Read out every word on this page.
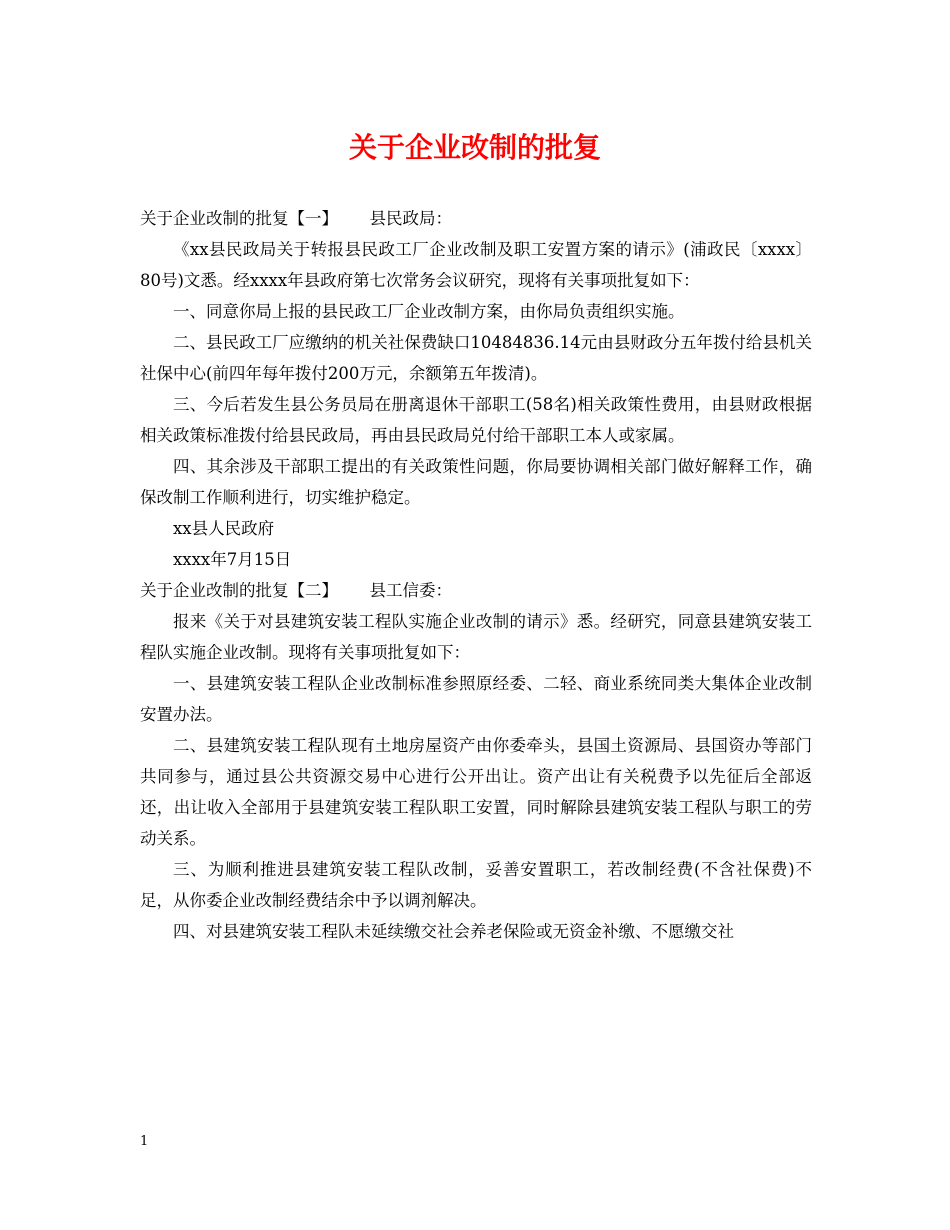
关于企业改制的批复

关于企业改制的批复【一】      县民政局：

《xx县民政局关于转报县民政工厂企业改制及职工安置方案的请示》(浦政民〔xxxx〕80号)文悉。经xxxx年县政府第七次常务会议研究，现将有关事项批复如下：

一、同意你局上报的县民政工厂企业改制方案，由你局负责组织实施。

二、县民政工厂应缴纳的机关社保费缺口10484836.14元由县财政分五年拨付给县机关社保中心(前四年每年拨付200万元，余额第五年拨清)。

三、今后若发生县公务员局在册离退休干部职工(58名)相关政策性费用，由县财政根据相关政策标准拨付给县民政局，再由县民政局兑付给干部职工本人或家属。

四、其余涉及干部职工提出的有关政策性问题，你局要协调相关部门做好解释工作，确保改制工作顺利进行，切实维护稳定。

xx县人民政府

xxxx年7月15日

关于企业改制的批复【二】      县工信委：

报来《关于对县建筑安装工程队实施企业改制的请示》悉。经研究，同意县建筑安装工程队实施企业改制。现将有关事项批复如下：

一、县建筑安装工程队企业改制标准参照原经委、二轻、商业系统同类大集体企业改制安置办法。

二、县建筑安装工程队现有土地房屋资产由你委牵头，县国土资源局、县国资办等部门共同参与，通过县公共资源交易中心进行公开出让。资产出让有关税费予以先征后全部返还，出让收入全部用于县建筑安装工程队职工安置，同时解除县建筑安装工程队与职工的劳动关系。

三、为顺利推进县建筑安装工程队改制，妥善安置职工，若改制经费(不含社保费)不足，从你委企业改制经费结余中予以调剂解决。

四、对县建筑安装工程队未延续缴交社会养老保险或无资金补缴、不愿缴交社

1
